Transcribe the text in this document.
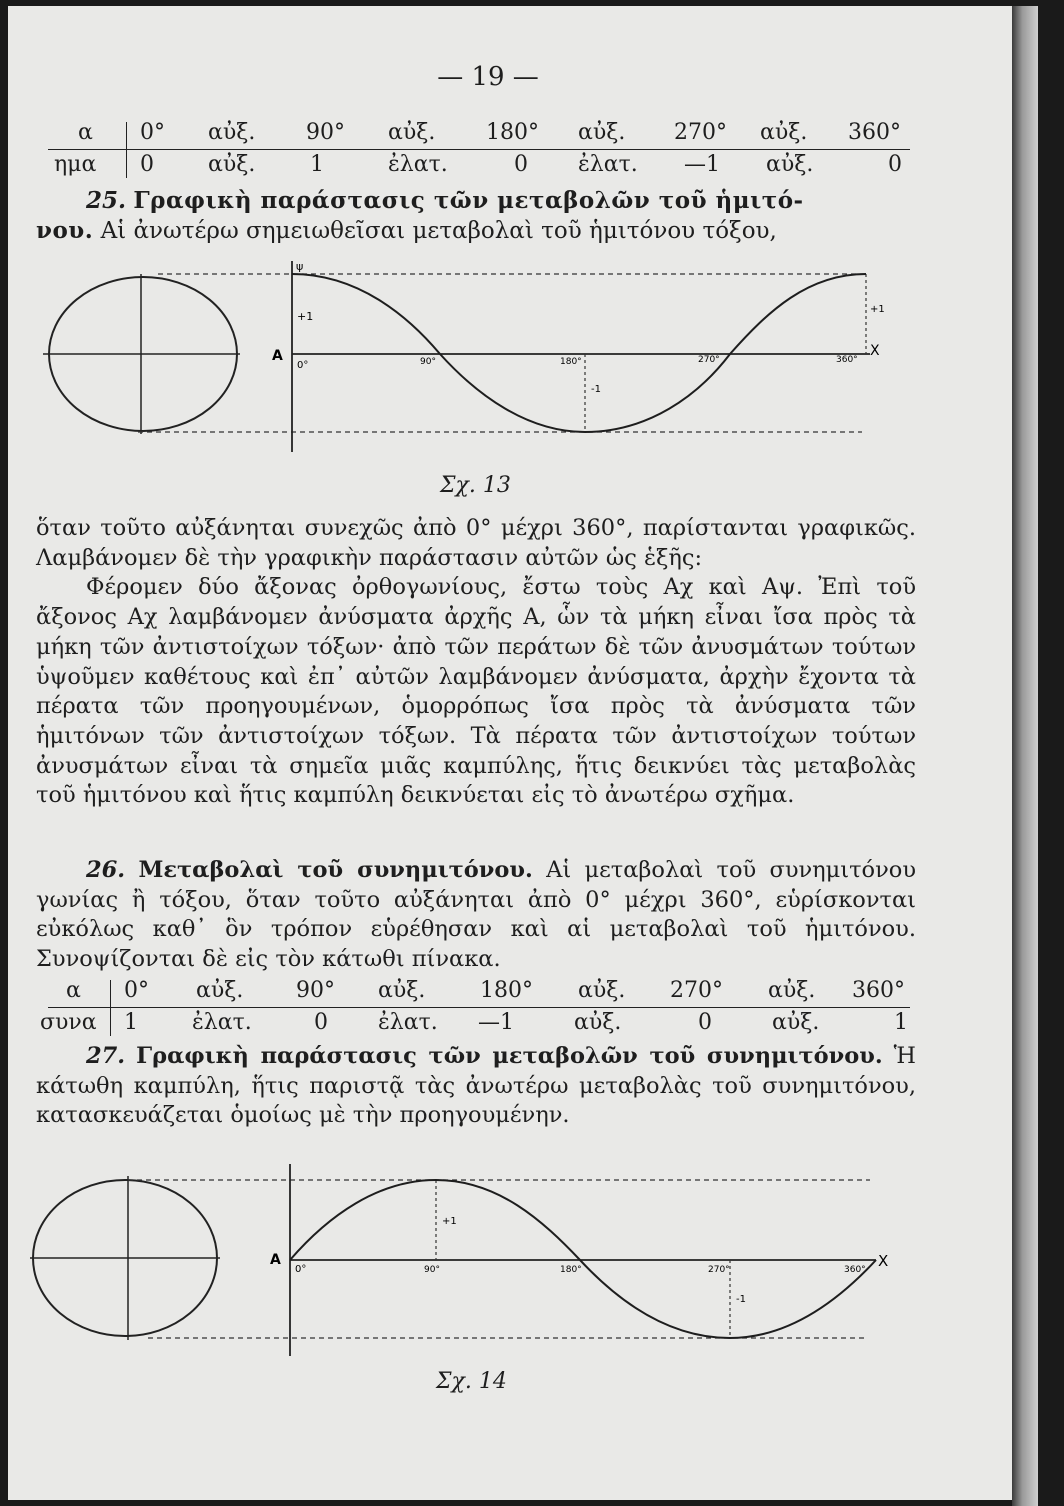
— 19 —
α 0° αὐξ. 90° αὐξ. 180° αὐξ. 270° αὐξ. 360°
ημα 0 αὐξ. 1	ἐλατ.	0 ἐλατ. —1 αὐξ.	0
25. Γραφικὴ παράστασις τῶν μεταβολῶν τοῦ ἡμιτό-
νου. Αἱ ἀνωτέρω σημειωθεῖσαι μεταβολαὶ τοῦ ἡμιτόνου τόξου,
ψ
+1
A
0°	90°	180°
-1
270°	360°
X
+1
Σχ. 13

ὅταν τοῦτο αὐξάνηται συνεχῶς ἀπὸ 0° μέχρι 360°, παρίστανται γραφικῶς. Λαμβάνομεν δὲ τὴν γραφικὴν παράστασιν αὐτῶν ὡς ἑξῆς:

Φέρομεν δύο ἄξονας ὀρθογωνίους, ἔστω τοὺς Αχ καὶ Αψ. Ἐπὶ τοῦ ἄξονος Αχ λαμβάνομεν ἀνύσματα ἀρχῆς Α, ὧν τὰ μήκη εἶναι ἴσα πρὸς τὰ μήκη τῶν ἀντιστοίχων τόξων· ἀπὸ τῶν περάτων δὲ τῶν ἀνυσμάτων τούτων ὑψοῦμεν καθέτους καὶ ἐπ᾽ αὐτῶν λαμβάνομεν ἀνύσματα, ἀρχὴν ἔχοντα τὰ πέρατα τῶν προηγουμένων, ὁμορρόπως ἴσα πρὸς τὰ ἀνύσματα τῶν ἡμιτόνων τῶν ἀντιστοίχων τόξων. Τὰ πέρατα τῶν ἀντιστοίχων τούτων ἀνυσμάτων εἶναι τὰ σημεῖα μιᾶς καμπύλης, ἥτις δεικνύει τὰς μεταβολὰς τοῦ ἡμιτόνου καὶ ἥτις καμπύλη δεικνύεται εἰς τὸ ἀνωτέρω σχῆμα.

26. Μεταβολαὶ τοῦ συνημιτόνου. Αἱ μεταβολαὶ τοῦ συνημιτόνου γωνίας ἢ τόξου, ὅταν τοῦτο αὐξάνηται ἀπὸ 0° μέχρι 360°, εὑρίσκονται εὐκόλως καθ᾽ ὃν τρόπον εὑρέθησαν καὶ αἱ μεταβολαὶ τοῦ ἡμιτόνου. Συνοψίζονται δὲ εἰς τὸν κάτωθι πίνακα.

α 0° αὐξ. 90° αὐξ. 180° αὐξ. 270° αὐξ. 360°
συνα 1 ἐλατ.	0 ἐλατ. —1	αὐξ.	0	αὐξ.	1

27. Γραφικὴ παράστασις τῶν μεταβολῶν τοῦ συνημιτόνου. Ἡ κάτωθη καμπύλη, ἥτις παριστᾷ τὰς ἀνωτέρω μεταβολὰς τοῦ συνημιτόνου, κατασκευάζεται ὁμοίως μὲ τὴν προηγουμένην.

+1
A
0°	90°	180°	270°
-1
360° X
Σχ. 14
